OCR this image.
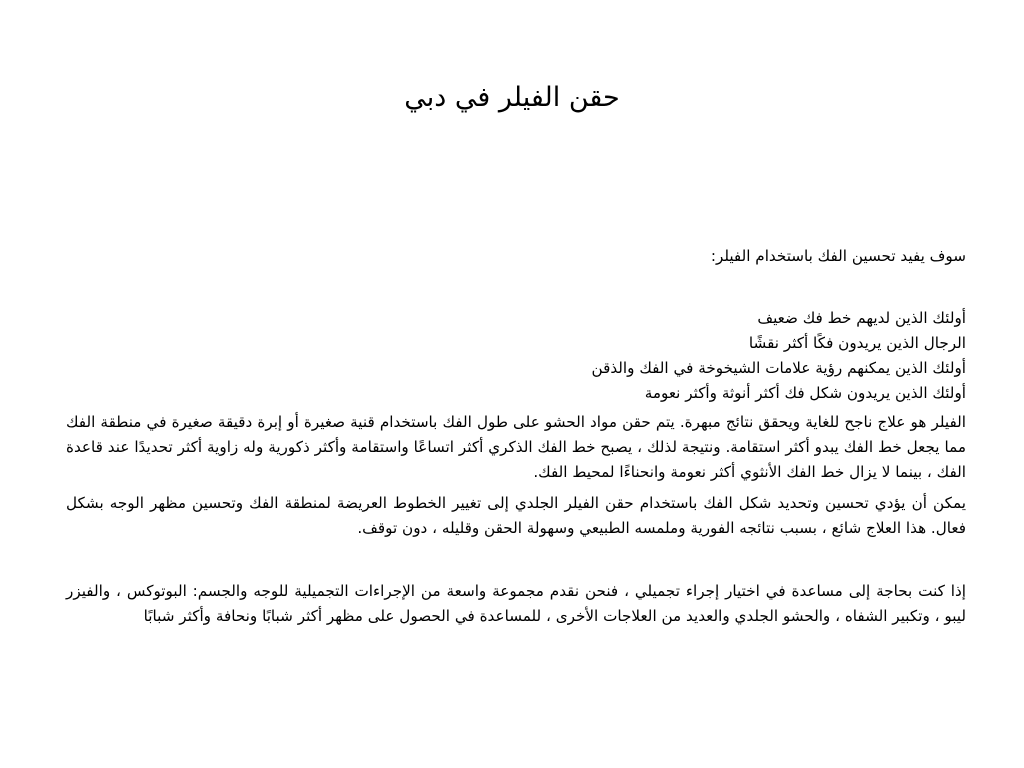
حقن الفيلر في دبي

سوف يفيد تحسين الفك باستخدام الفيلر:

أولئك الذين لديهم خط فك ضعيف

الرجال الذين يريدون فكًا أكثر نقشًا

أولئك الذين يمكنهم رؤية علامات الشيخوخة في الفك والذقن

أولئك الذين يريدون شكل فك أكثر أنوثة وأكثر نعومة

الفيلر هو علاج ناجح للغاية ويحقق نتائج مبهرة. يتم حقن مواد الحشو على طول الفك باستخدام قنية صغيرة أو إبرة دقيقة صغيرة في منطقة الفك مما يجعل خط الفك يبدو أكثر استقامة. ونتيجة لذلك ، يصبح خط الفك الذكري أكثر اتساعًا واستقامة وأكثر ذكورية وله زاوية أكثر تحديدًا عند قاعدة الفك ، بينما لا يزال خط الفك الأنثوي أكثر نعومة وانحناءًا لمحيط الفك.

يمكن أن يؤدي تحسين وتحديد شكل الفك باستخدام حقن الفيلر الجلدي إلى تغيير الخطوط العريضة لمنطقة الفك وتحسين مظهر الوجه بشكل فعال. هذا العلاج شائع ، بسبب نتائجه الفورية وملمسه الطبيعي وسهولة الحقن وقليله ، دون توقف.

إذا كنت بحاجة إلى مساعدة في اختيار إجراء تجميلي ، فنحن نقدم مجموعة واسعة من الإجراءات التجميلية للوجه والجسم: البوتوكس ، والفيزر ليبو ، وتكبير الشفاه ، والحشو الجلدي والعديد من العلاجات الأخرى ، للمساعدة في الحصول على مظهر أكثر شبابًا ونحافة وأكثر شبابًا
